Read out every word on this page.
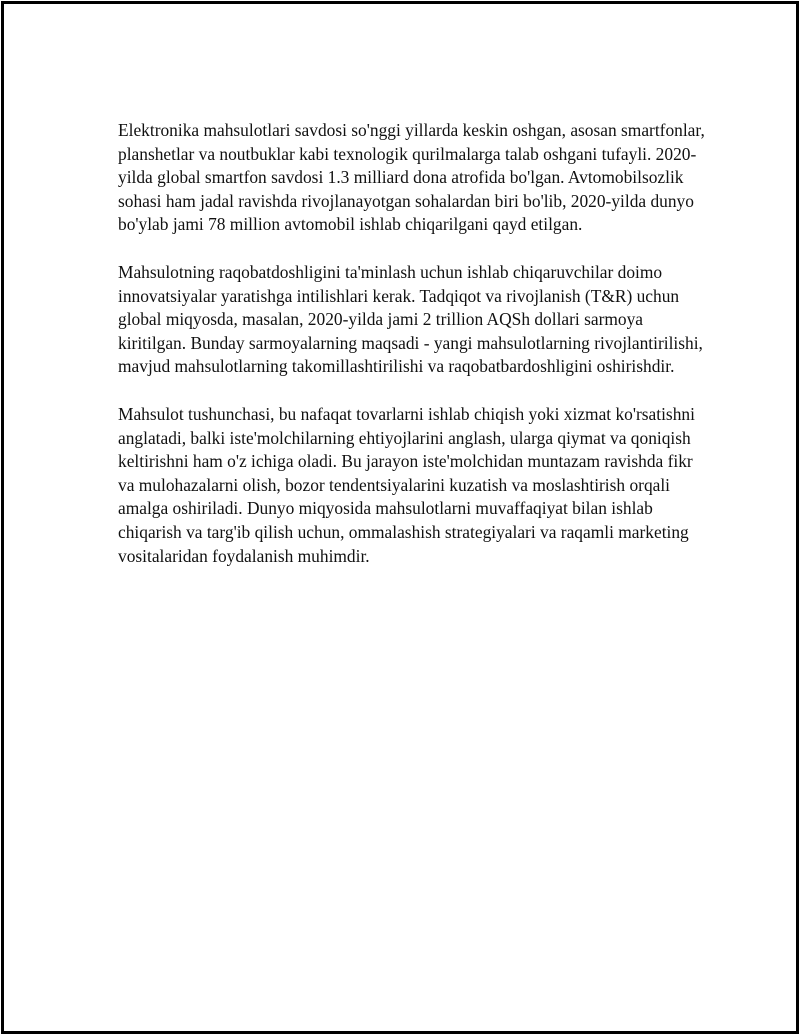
Elektronika mahsulotlari savdosi so'nggi yillarda keskin oshgan, asosan smartfonlar, planshetlar va noutbuklar kabi texnologik qurilmalarga talab oshgani tufayli. 2020-yilda global smartfon savdosi 1.3 milliard dona atrofida bo'lgan. Avtomobilsozlik sohasi ham jadal ravishda rivojlanayotgan sohalardan biri bo'lib, 2020-yilda dunyo bo'ylab jami 78 million avtomobil ishlab chiqarilgani qayd etilgan.

Mahsulotning raqobatdoshligini ta'minlash uchun ishlab chiqaruvchilar doimo innovatsiyalar yaratishga intilishlari kerak. Tadqiqot va rivojlanish (T&R) uchun global miqyosda, masalan, 2020-yilda jami 2 trillion AQSh dollari sarmoya kiritilgan. Bunday sarmoyalarning maqsadi - yangi mahsulotlarning rivojlantirilishi, mavjud mahsulotlarning takomillashtirilishi va raqobatbardoshligini oshirishdir.

Mahsulot tushunchasi, bu nafaqat tovarlarni ishlab chiqish yoki xizmat ko'rsatishni anglatadi, balki iste'molchilarning ehtiyojlarini anglash, ularga qiymat va qoniqish keltirishni ham o'z ichiga oladi. Bu jarayon iste'molchidan muntazam ravishda fikr va mulohazalarni olish, bozor tendentsiyalarini kuzatish va moslashtirish orqali amalga oshiriladi. Dunyo miqyosida mahsulotlarni muvaffaqiyat bilan ishlab chiqarish va targ'ib qilish uchun, ommalashish strategiyalari va raqamli marketing vositalaridan foydalanish muhimdir.
